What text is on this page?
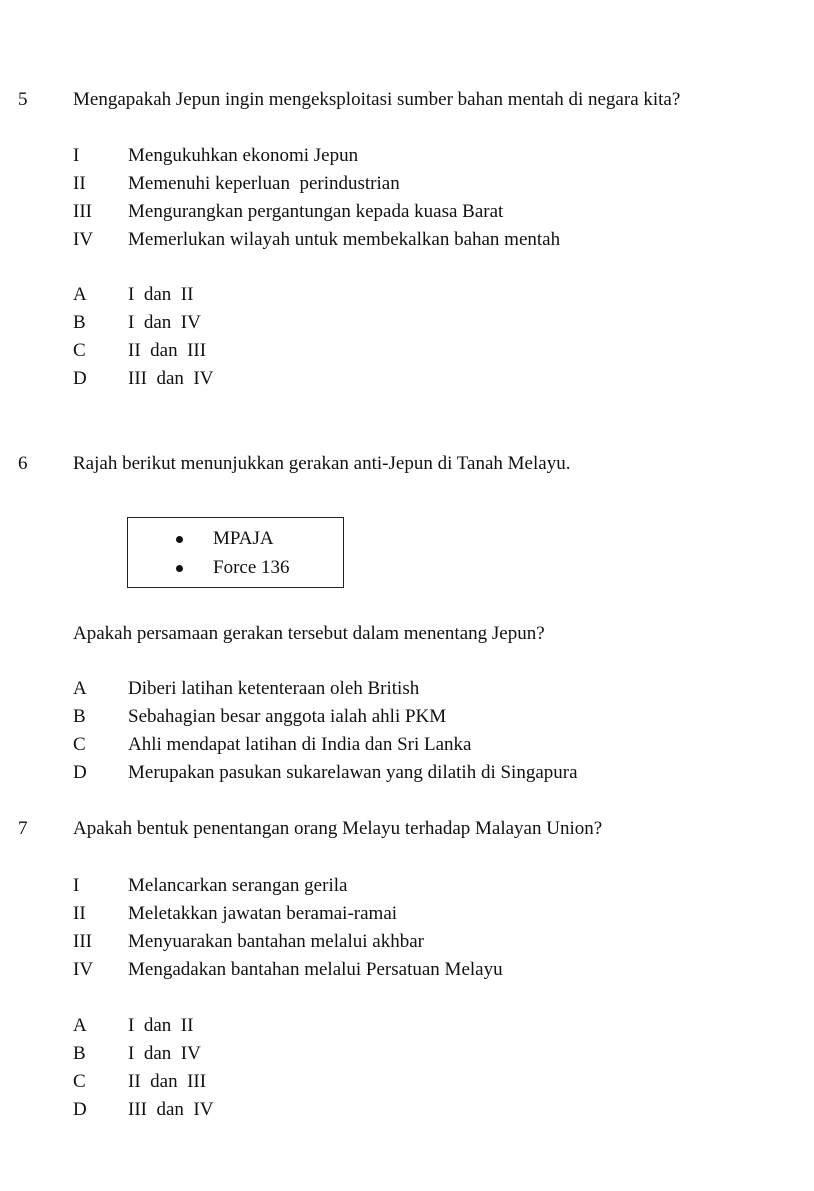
5 Mengapakah Jepun ingin mengeksploitasi sumber bahan mentah di negara kita?
I	Mengukuhkan ekonomi Jepun
II Memenuhi keperluan  perindustrian
III Mengurangkan pergantungan kepada kuasa Barat
IV Memerlukan wilayah untuk membekalkan bahan mentah
A I  dan  II
B I  dan  IV
C II  dan  III
D III  dan  IV
6 Rajah berikut menunjukkan gerakan anti-Jepun di Tanah Melayu.
MPAJA
Force 136
Apakah persamaan gerakan tersebut dalam menentang Jepun?
A Diberi latihan ketenteraan oleh British
B Sebahagian besar anggota ialah ahli PKM
C Ahli mendapat latihan di India dan Sri Lanka
D Merupakan pasukan sukarelawan yang dilatih di Singapura
7 Apakah bentuk penentangan orang Melayu terhadap Malayan Union?
I	Melancarkan serangan gerila
II Meletakkan jawatan beramai-ramai
III Menyuarakan bantahan melalui akhbar
IV Mengadakan bantahan melalui Persatuan Melayu
A I  dan  II
B I  dan  IV
C II  dan  III
D III  dan  IV
